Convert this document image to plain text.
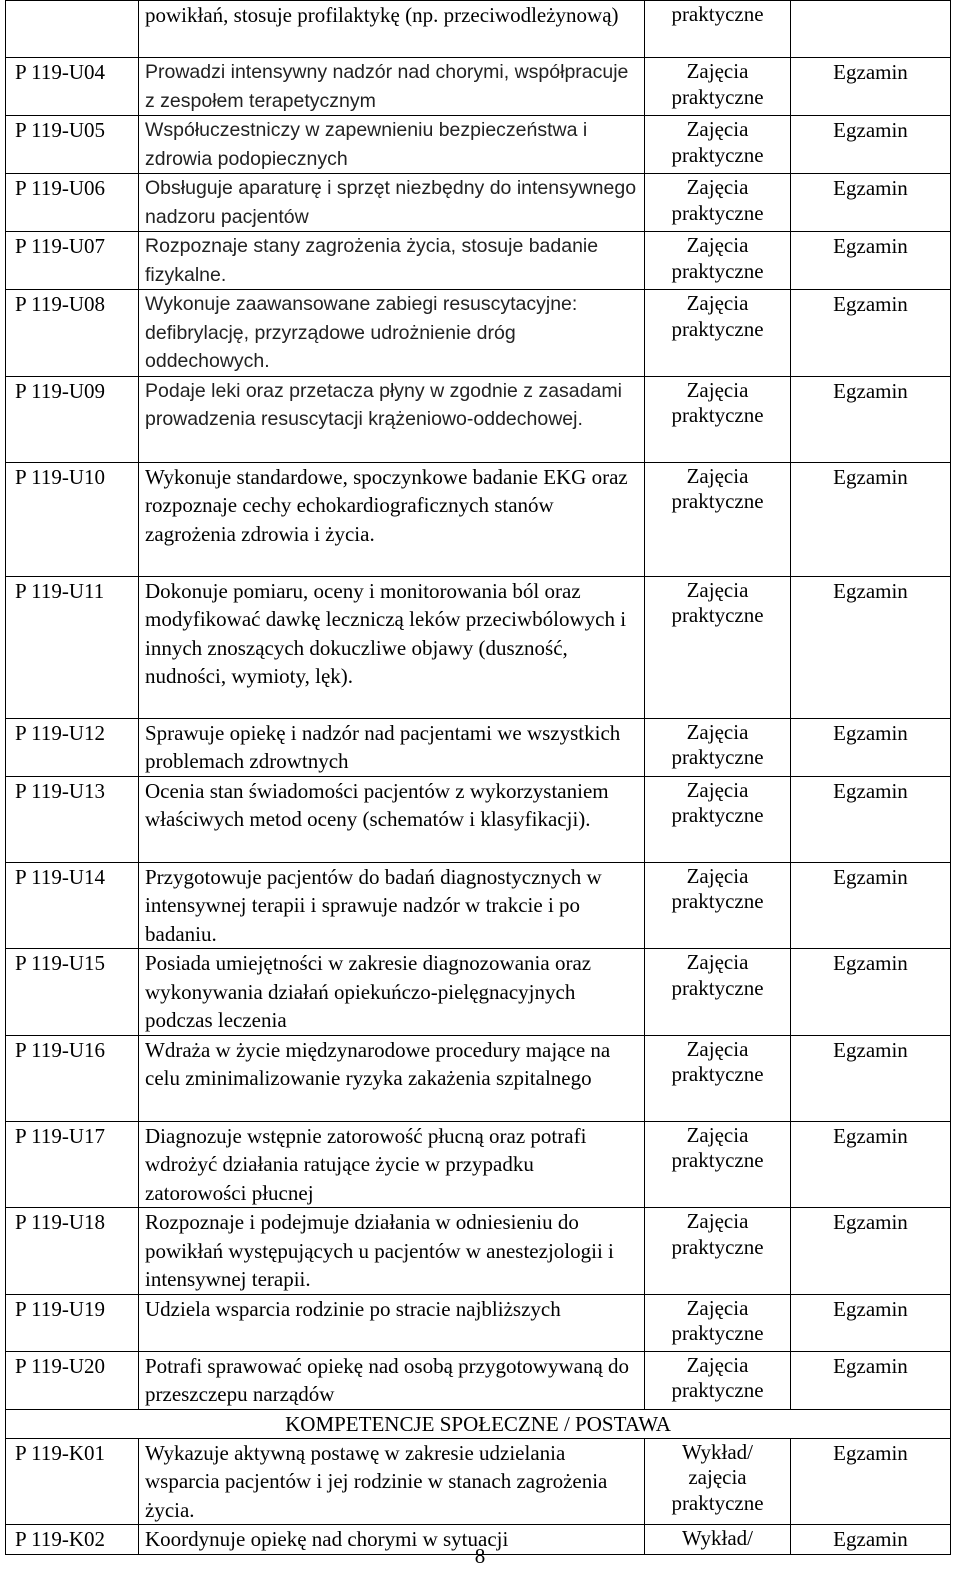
	powikłań, stosuje profilaktykę (np. przeciwodleżynową)	praktyczne	
P 119-U04	Prowadzi intensywny nadzór nad chorymi, współpracuje z zespołem terapetycznym	Zajęcia praktyczne	Egzamin
P 119-U05	Współuczestniczy w zapewnieniu bezpieczeństwa i zdrowia podopiecznych	Zajęcia praktyczne	Egzamin
P 119-U06	Obsługuje aparaturę i sprzęt niezbędny do intensywnego nadzoru pacjentów	Zajęcia praktyczne	Egzamin
P 119-U07	Rozpoznaje stany zagrożenia życia, stosuje badanie fizykalne.	Zajęcia praktyczne	Egzamin
P 119-U08	Wykonuje zaawansowane zabiegi resuscytacyjne: defibrylację, przyrządowe udrożnienie dróg oddechowych.	Zajęcia praktyczne	Egzamin
P 119-U09	Podaje leki oraz przetacza płyny w zgodnie z zasadami prowadzenia resuscytacji krążeniowo-oddechowej.	Zajęcia praktyczne	Egzamin
P 119-U10	Wykonuje standardowe, spoczynkowe badanie EKG oraz rozpoznaje cechy echokardiograficznych stanów zagrożenia zdrowia i życia.	Zajęcia praktyczne	Egzamin
P 119-U11	Dokonuje pomiaru, oceny i monitorowania ból oraz modyfikować dawkę leczniczą leków przeciwbólowych i innych znoszących dokuczliwe objawy (duszność, nudności, wymioty, lęk).	Zajęcia praktyczne	Egzamin
P 119-U12	Sprawuje opiekę i nadzór nad pacjentami we wszystkich problemach zdrowtnych	Zajęcia praktyczne	Egzamin
P 119-U13	Ocenia stan świadomości pacjentów z wykorzystaniem właściwych metod oceny (schematów i klasyfikacji).	Zajęcia praktyczne	Egzamin
P 119-U14	Przygotowuje pacjentów do badań diagnostycznych w intensywnej terapii i sprawuje nadzór w trakcie i po badaniu.	Zajęcia praktyczne	Egzamin
P 119-U15	Posiada umiejętności w zakresie diagnozowania oraz wykonywania działań opiekuńczo-pielęgnacyjnych podczas leczenia	Zajęcia praktyczne	Egzamin
P 119-U16	Wdraża w życie międzynarodowe procedury mające na celu zminimalizowanie ryzyka zakażenia szpitalnego	Zajęcia praktyczne	Egzamin
P 119-U17	Diagnozuje wstępnie zatorowość płucną oraz potrafi wdrożyć działania ratujące życie w przypadku zatorowości płucnej	Zajęcia praktyczne	Egzamin
P 119-U18	Rozpoznaje i podejmuje działania w odniesieniu do powikłań występujących u pacjentów w anestezjologii i intensywnej terapii.	Zajęcia praktyczne	Egzamin
P 119-U19	Udziela wsparcia rodzinie po stracie najbliższych	Zajęcia praktyczne	Egzamin
P 119-U20	Potrafi sprawować opiekę nad osobą przygotowywaną do przeszczepu narządów	Zajęcia praktyczne	Egzamin
KOMPETENCJE SPOŁECZNE / POSTAWA			
P 119-K01	Wykazuje aktywną postawę w zakresie udzielania wsparcia pacjentów i jej rodzinie w stanach zagrożenia życia.	Wykład/ zajęcia praktyczne	Egzamin
P 119-K02	Koordynuje opiekę nad chorymi w sytuacji	Wykład/	Egzamin
8
